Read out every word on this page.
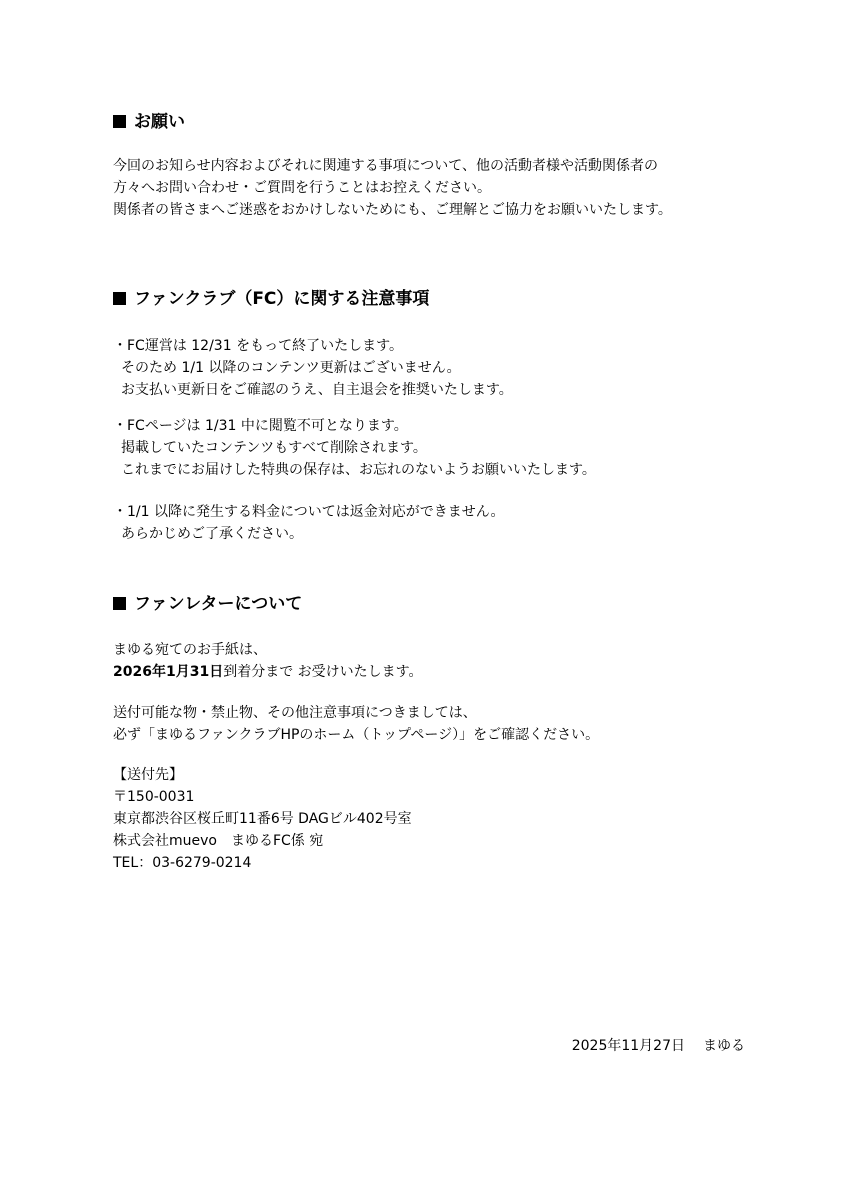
お願い
今回のお知らせ内容およびそれに関連する事項について、他の活動者様や活動関係者の
方々へお問い合わせ・ご質問を行うことはお控えください。
関係者の皆さまへご迷惑をおかけしないためにも、ご理解とご協力をお願いいたします。
ファンクラブ（FC）に関する注意事項
・FC運営は 12/31 をもって終了いたします。
そのため 1/1 以降のコンテンツ更新はございません。
お支払い更新日をご確認のうえ、自主退会を推奨いたします。
・FCページは 1/31 中に閲覧不可となります。
掲載していたコンテンツもすべて削除されます。
これまでにお届けした特典の保存は、お忘れのないようお願いいたします。
・1/1 以降に発生する料金については返金対応ができません。
あらかじめご了承ください。
ファンレターについて
まゆる宛てのお手紙は、
2026年1月31日到着分まで お受けいたします。
送付可能な物・禁止物、その他注意事項につきましては、
必ず「まゆるファンクラブHPのホーム（トップページ）」をご確認ください。
【送付先】
〒150-0031
東京都渋谷区桜丘町11番6号 DAGビル402号室
株式会社muevo　まゆるFC係 宛
TEL：03-6279-0214
2025年11月27日 まゆる
